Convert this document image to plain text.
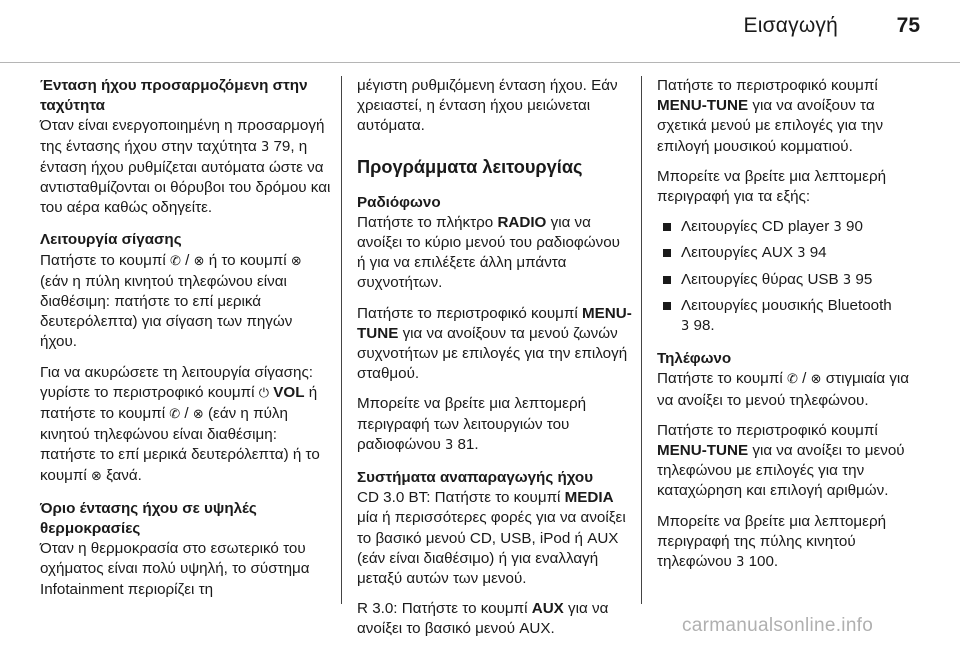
Εισαγωγή	75
Ένταση ήχου προσαρμοζόμενη στην ταχύτητα

Όταν είναι ενεργοποιημένη η προσαρμογή της έντασης ήχου στην ταχύτητα 3 79, η ένταση ήχου ρυθμίζεται αυτόματα ώστε να αντισταθμίζονται οι θόρυβοι του δρόμου και του αέρα καθώς οδηγείτε.

Λειτουργία σίγασης

Πατήστε το κουμπί ✆ / ⊗ ή το κουμπί ⊗ (εάν η πύλη κινητού τηλεφώνου είναι διαθέσιμη: πατήστε το επί μερικά δευτερόλεπτα) για σίγαση των πηγών ήχου.

Για να ακυρώσετε τη λειτουργία σίγασης: γυρίστε το περιστροφικό κουμπί ⏻ VOL ή πατήστε το κουμπί ✆ / ⊗ (εάν η πύλη κινητού τηλεφώνου είναι διαθέσιμη: πατήστε το επί μερικά δευτερόλεπτα) ή το κουμπί ⊗ ξανά.

Όριο έντασης ήχου σε υψηλές θερμοκρασίες

Όταν η θερμοκρασία στο εσωτερικό του οχήματος είναι πολύ υψηλή, το σύστημα Infotainment περιορίζει τη

μέγιστη ρυθμιζόμενη ένταση ήχου. Εάν χρειαστεί, η ένταση ήχου μειώνεται αυτόματα.

Προγράμματα λειτουργίας
Ραδιόφωνο

Πατήστε το πλήκτρο RADIO για να ανοίξει το κύριο μενού του ραδιοφώνου ή για να επιλέξετε άλλη μπάντα συχνοτήτων.

Πατήστε το περιστροφικό κουμπί MENU-TUNE για να ανοίξουν τα μενού ζωνών συχνοτήτων με επιλογές για την επιλογή σταθμού.

Μπορείτε να βρείτε μια λεπτομερή περιγραφή των λειτουργιών του ραδιοφώνου 3 81.

Συστήματα αναπαραγωγής ήχου

CD 3.0 BT: Πατήστε το κουμπί MEDIA μία ή περισσότερες φορές για να ανοίξει το βασικό μενού CD, USB, iPod ή AUX (εάν είναι διαθέσιμο) ή για εναλλαγή μεταξύ αυτών των μενού.

R 3.0: Πατήστε το κουμπί AUX για να ανοίξει το βασικό μενού AUX.

Πατήστε το περιστροφικό κουμπί MENU-TUNE για να ανοίξουν τα σχετικά μενού με επιλογές για την επιλογή μουσικού κομματιού.

Μπορείτε να βρείτε μια λεπτομερή περιγραφή για τα εξής:

Λειτουργίες CD player 3 90
Λειτουργίες AUX 3 94
Λειτουργίες θύρας USB 3 95
Λειτουργίες μουσικής Bluetooth
3 98.
Τηλέφωνο

Πατήστε το κουμπί ✆ / ⊗ στιγμιαία για να ανοίξει το μενού τηλεφώνου.

Πατήστε το περιστροφικό κουμπί MENU-TUNE για να ανοίξει το μενού τηλεφώνου με επιλογές για την καταχώρηση και επιλογή αριθμών.

Μπορείτε να βρείτε μια λεπτομερή περιγραφή της πύλης κινητού τηλεφώνου 3 100.

carmanualsonline.info
